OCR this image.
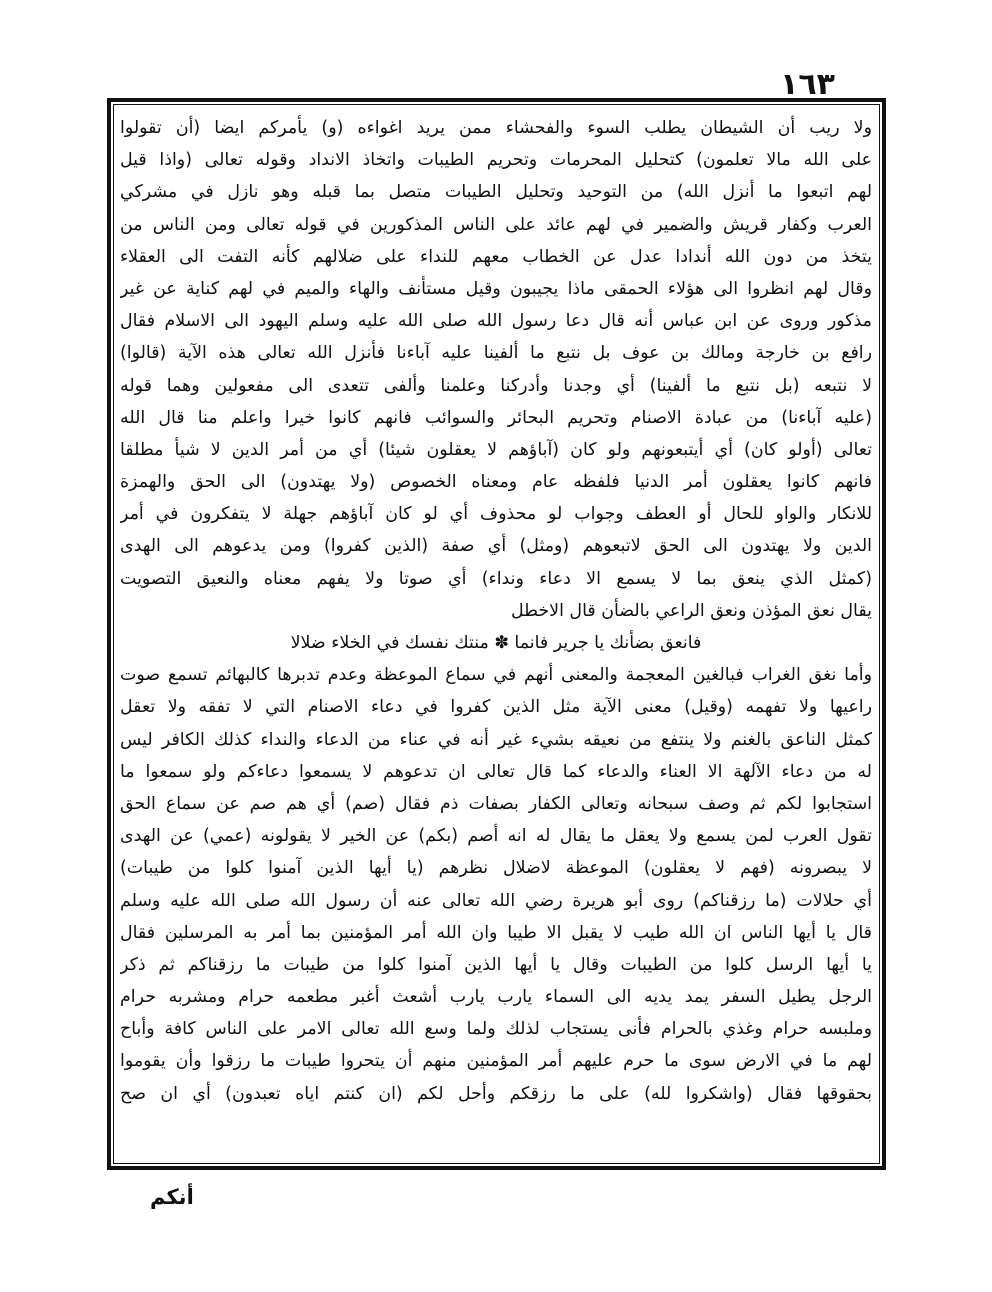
١٦٣
ولا ريب أن الشيطان يطلب السوء والفحشاء ممن يريد اغواءه (و) يأمركم ايضا (أن تقولوا
على الله مالا تعلمون) كتحليل المحرمات وتحريم الطيبات واتخاذ الانداد وقوله تعالى (واذا قيل
لهم اتبعوا ما أنزل الله) من التوحيد وتحليل الطيبات متصل بما قبله وهو نازل في مشركي
العرب وكفار قريش والضمير في لهم عائد على الناس المذكورين في قوله تعالى ومن الناس من
يتخذ من دون الله أندادا عدل عن الخطاب معهم للنداء على ضلالهم كأنه التفت الى العقلاء
وقال لهم انظروا الى هؤلاء الحمقى ماذا يجيبون وقيل مستأنف والهاء والميم في لهم كناية عن غير
مذكور وروى عن ابن عباس أنه قال دعا رسول الله صلى الله عليه وسلم اليهود الى الاسلام فقال
رافع بن خارجة ومالك بن عوف بل نتبع ما ألفينا عليه آباءنا فأنزل الله تعالى هذه الآية (قالوا)
لا نتبعه (بل نتبع ما ألفينا) أي وجدنا وأدركنا وعلمنا وألفى تتعدى الى مفعولين وهما قوله
(عليه آباءنا) من عبادة الاصنام وتحريم البحائر والسوائب فانهم كانوا خيرا واعلم منا قال الله
تعالى (أولو كان) أي أيتبعونهم ولو كان (آباؤهم لا يعقلون شيئا) أي من أمر الدين لا شيأ مطلقا
فانهم كانوا يعقلون أمر الدنيا فلفظه عام ومعناه الخصوص (ولا يهتدون) الى الحق والهمزة
للانكار والواو للحال أو العطف وجواب لو محذوف أي لو كان آباؤهم جهلة لا يتفكرون في أمر
الدين ولا يهتدون الى الحق لاتبعوهم (ومثل) أي صفة (الذين كفروا) ومن يدعوهم الى الهدى
(كمثل الذي ينعق بما لا يسمع الا دعاء ونداء) أي صوتا ولا يفهم معناه والنعيق التصويت
يقال نعق المؤذن ونعق الراعي بالضأن قال الاخطل
فانعق بضأنك يا جرير فانما ✽ منتك نفسك في الخلاء ضلالا
وأما نغق الغراب فبالغين المعجمة والمعنى أنهم في سماع الموعظة وعدم تدبرها كالبهائم تسمع صوت
راعيها ولا تفهمه (وقيل) معنى الآية مثل الذين كفروا في دعاء الاصنام التي لا تفقه ولا تعقل
كمثل الناعق بالغنم ولا ينتفع من نعيقه بشيء غير أنه في عناء من الدعاء والنداء كذلك الكافر ليس
له من دعاء الآلهة الا العناء والدعاء كما قال تعالى ان تدعوهم لا يسمعوا دعاءكم ولو سمعوا ما
استجابوا لكم ثم وصف سبحانه وتعالى الكفار بصفات ذم فقال (صم) أي هم صم عن سماع الحق
تقول العرب لمن يسمع ولا يعقل ما يقال له انه أصم (بكم) عن الخير لا يقولونه (عمي) عن الهدى
لا يبصرونه (فهم لا يعقلون) الموعظة لاضلال نظرهم (يا أيها الذين آمنوا كلوا من طيبات)
أي حلالات (ما رزقناكم) روى أبو هريرة رضي الله تعالى عنه أن رسول الله صلى الله عليه وسلم
قال يا أيها الناس ان الله طيب لا يقبل الا طيبا وان الله أمر المؤمنين بما أمر به المرسلين فقال
يا أيها الرسل كلوا من الطيبات وقال يا أيها الذين آمنوا كلوا من طيبات ما رزقناكم ثم ذكر
الرجل يطيل السفر يمد يديه الى السماء يارب يارب أشعث أغبر مطعمه حرام ومشربه حرام
وملبسه حرام وغذي بالحرام فأنى يستجاب لذلك ولما وسع الله تعالى الامر على الناس كافة وأباح
لهم ما في الارض سوى ما حرم عليهم أمر المؤمنين منهم أن يتحروا طيبات ما رزقوا وأن يقوموا
بحقوقها فقال (واشكروا لله) على ما رزقكم وأحل لكم (ان كنتم اياه تعبدون) أي ان صح
أنكم
